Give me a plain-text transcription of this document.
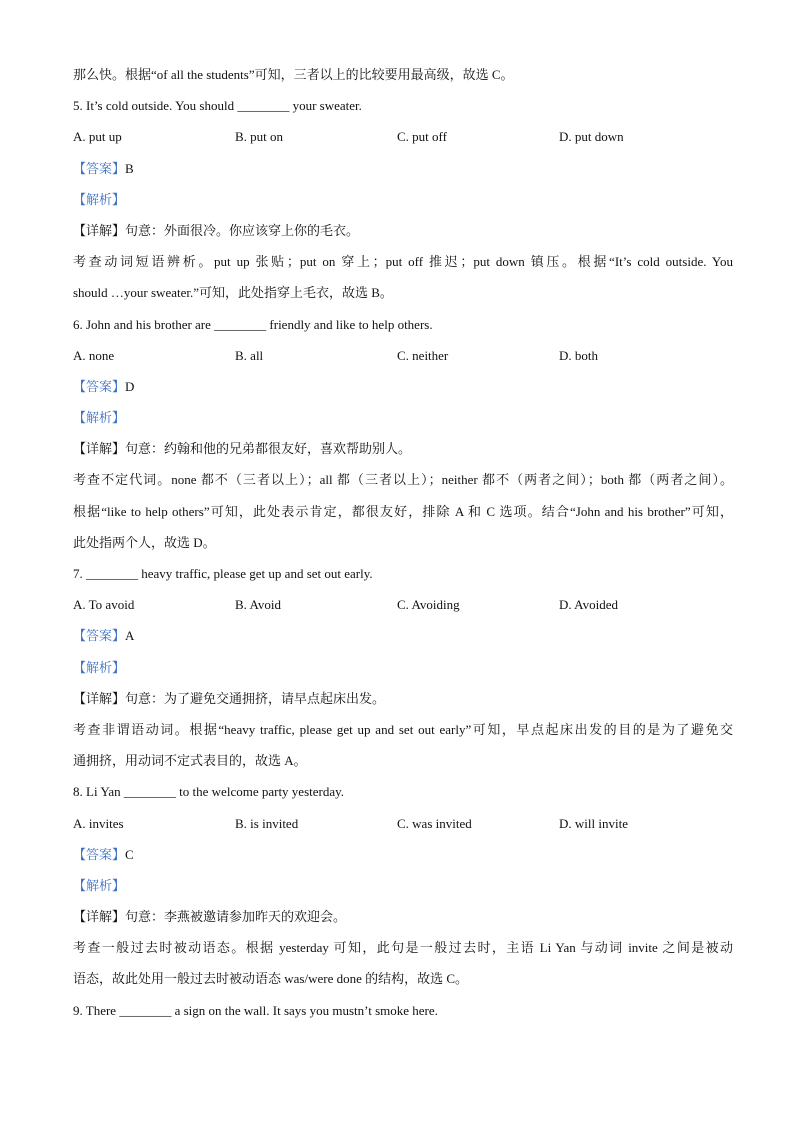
那么快。根据“of all the students”可知，三者以上的比较要用最高级，故选 C。
5. It’s cold outside. You should ________ your sweater.
A. put up	B. put on	C. put off	D. put down
【答案】B
【解析】
【详解】句意：外面很冷。你应该穿上你的毛衣。
考查动词短语辨析。put up 张贴；put on 穿上；put off 推迟；put down 镇压。根据“It’s cold outside. You
should …your sweater.”可知，此处指穿上毛衣，故选 B。
6. John and his brother are ________ friendly and like to help others.
A. none	B. all	C. neither	D. both
【答案】D
【解析】
【详解】句意：约翰和他的兄弟都很友好，喜欢帮助别人。
考查不定代词。none 都不（三者以上）；all 都（三者以上）；neither 都不（两者之间）；both 都（两者之间）。
根据“like to help others”可知，此处表示肯定，都很友好，排除 A 和 C 选项。结合“John and his brother”可知，
此处指两个人，故选 D。
7. ________ heavy traffic, please get up and set out early.
A. To avoid	B. Avoid	C. Avoiding	D. Avoided
【答案】A
【解析】
【详解】句意：为了避免交通拥挤，请早点起床出发。
考查非谓语动词。根据“heavy traffic, please get up and set out early”可知，早点起床出发的目的是为了避免交
通拥挤，用动词不定式表目的，故选 A。
8. Li Yan ________ to the welcome party yesterday.
A. invites	B. is invited	C. was invited	D. will invite
【答案】C
【解析】
【详解】句意：李燕被邀请参加昨天的欢迎会。
考查一般过去时被动语态。根据 yesterday 可知，此句是一般过去时，主语 Li Yan 与动词 invite 之间是被动
语态，故此处用一般过去时被动语态 was/were done 的结构，故选 C。
9. There ________ a sign on the wall. It says you mustn’t smoke here.
